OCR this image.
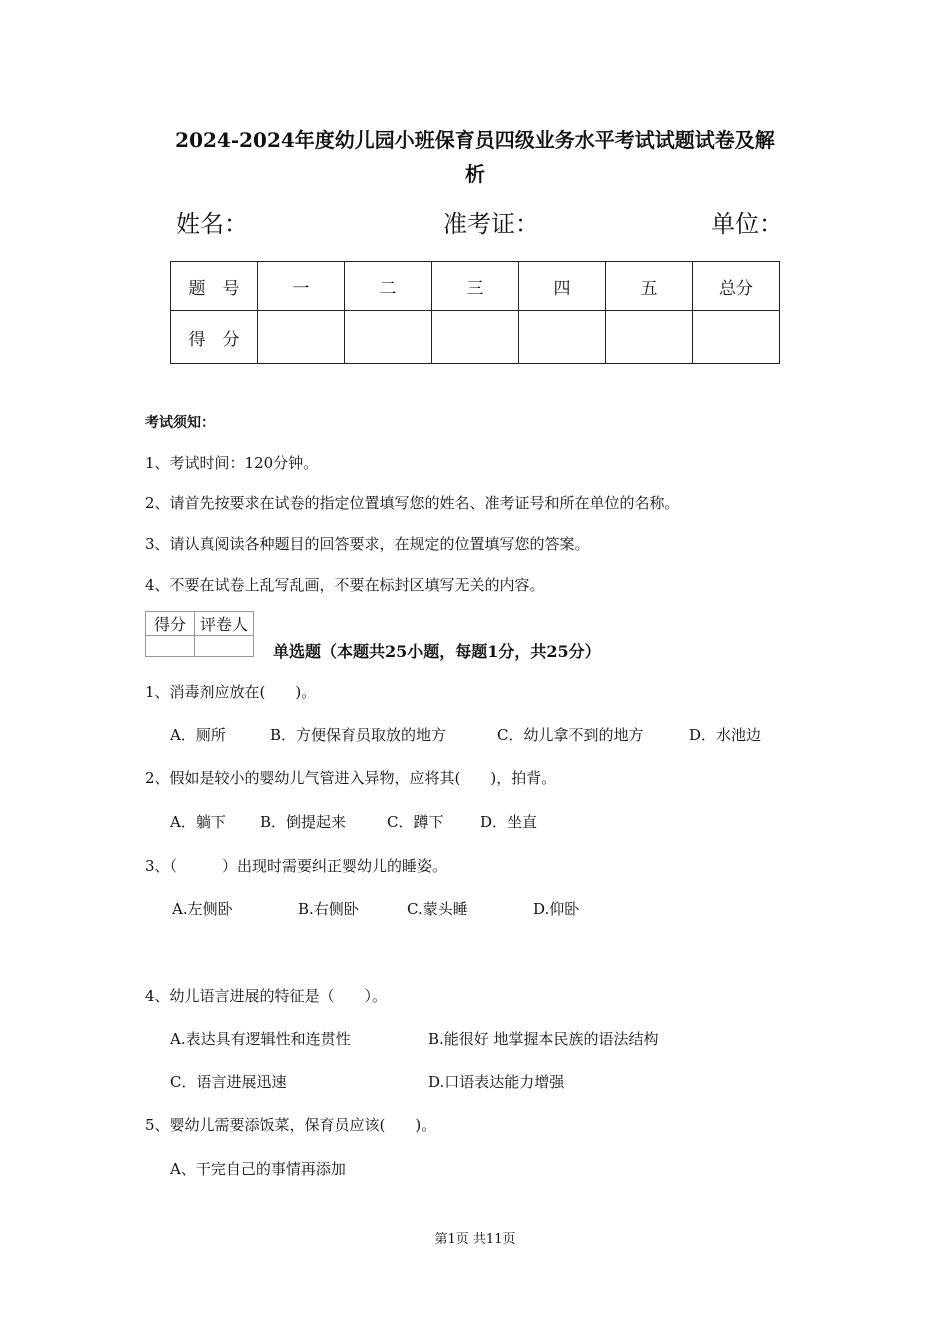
2024-2024年度幼儿园小班保育员四级业务水平考试试题试卷及解
析
姓名：	准考证：	单位：
题　号	一	二	三	四	五	总分
得　分						
考试须知：
1、考试时间：120分钟。
2、请首先按要求在试卷的指定位置填写您的姓名、准考证号和所在单位的名称。
3、请认真阅读各种题目的回答要求，在规定的位置填写您的答案。
4、不要在试卷上乱写乱画，不要在标封区填写无关的内容。
得分	评卷人

单选题（本题共25小题，每题1分，共25分）
1、消毒剂应放在(　　)。
A．厕所	B．方便保育员取放的地方	C．幼儿拿不到的地方	D．水池边
2、假如是较小的婴幼儿气管进入异物，应将其(　　)，拍背。
A．躺下 B．倒提起来	C．蹲下 D．坐直
3、（　　　）出现时需要纠正婴幼儿的睡姿。
A.左侧卧	B.右侧卧	C.蒙头睡	D.仰卧
4、幼儿语言进展的特征是（　　）。
A.表达具有逻辑性和连贯性	B.能很好 地掌握本民族的语法结构
C．语言进展迅速	D.口语表达能力增强
5、婴幼儿需要添饭菜，保育员应该(　　)。
A、干完自己的事情再添加
第1页 共11页
